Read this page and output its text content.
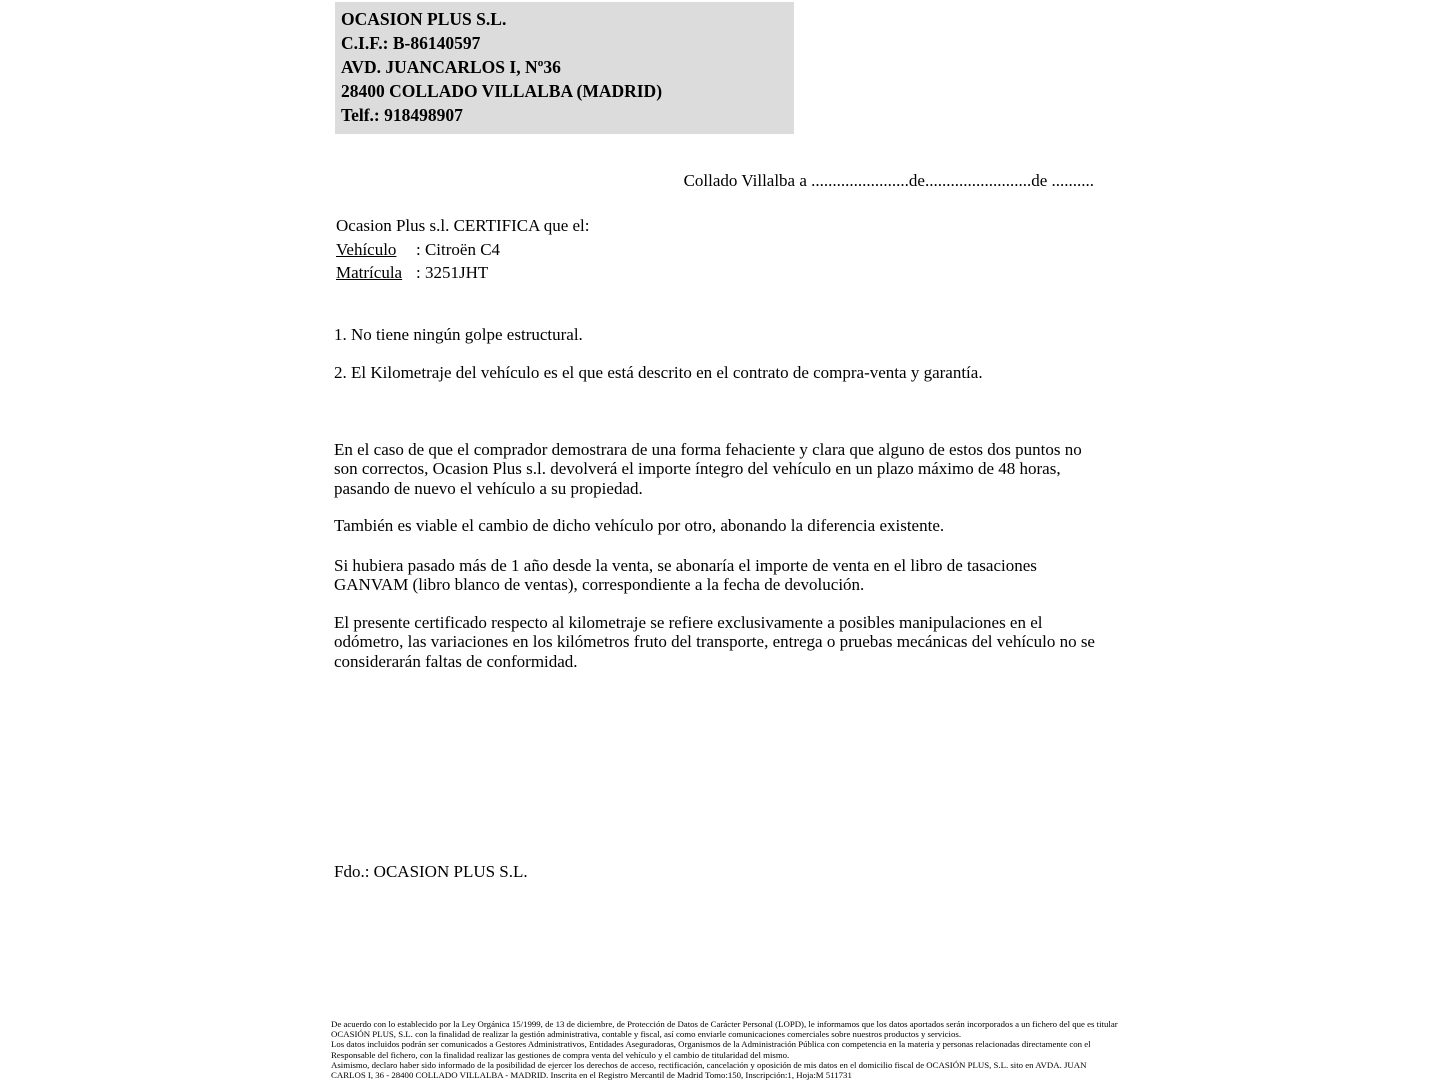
OCASION PLUS S.L.
C.I.F.: B-86140597
AVD. JUANCARLOS I, Nº36
28400 COLLADO VILLALBA (MADRID)
Telf.: 918498907
Collado Villalba a .......................de.........................de ..........
Ocasion Plus s.l. CERTIFICA que el:
Vehículo : Citroën C4
Matrícula : 3251JHT
1. No tiene ningún golpe estructural.
2. El Kilometraje del vehículo es el que está descrito en el contrato de compra-venta y garantía.
En el caso de que el comprador demostrara de una forma fehaciente y clara que alguno de estos dos puntos no son correctos, Ocasion Plus s.l. devolverá el importe íntegro del vehículo en un plazo máximo de 48 horas, pasando de nuevo el vehículo a su propiedad.
También es viable el cambio de dicho vehículo por otro, abonando la diferencia existente.
Si hubiera pasado más de 1 año desde la venta, se abonaría el importe de venta en el libro de tasaciones GANVAM (libro blanco de ventas), correspondiente a la fecha de devolución.
El presente certificado respecto al kilometraje se refiere exclusivamente a posibles manipulaciones en el odómetro, las variaciones en los kilómetros fruto del transporte, entrega o pruebas mecánicas del vehículo no se considerarán faltas de conformidad.
Fdo.: OCASION PLUS S.L.
De acuerdo con lo establecido por la Ley Orgánica 15/1999, de 13 de diciembre, de Protección de Datos de Carácter Personal (LOPD), le informamos que los datos aportados serán incorporados a un fichero del que es titular
OCASIÓN PLUS, S.L. con la finalidad de realizar la gestión administrativa, contable y fiscal, así como enviarle comunicaciones comerciales sobre nuestros productos y servicios.
Los datos incluidos podrán ser comunicados a Gestores Administrativos, Entidades Aseguradoras, Organismos de la Administración Pública con competencia en la materia y personas relacionadas directamente con el
Responsable del fichero, con la finalidad realizar las gestiones de compra venta del vehículo y el cambio de titularidad del mismo.
Asimismo, declaro haber sido informado de la posibilidad de ejercer los derechos de acceso, rectificación, cancelación y oposición de mis datos en el domicilio fiscal de OCASIÓN PLUS, S.L. sito en AVDA. JUAN
CARLOS I, 36 - 28400 COLLADO VILLALBA - MADRID. Inscrita en el Registro Mercantil de Madrid Tomo:150, Inscripción:1, Hoja:M 511731
